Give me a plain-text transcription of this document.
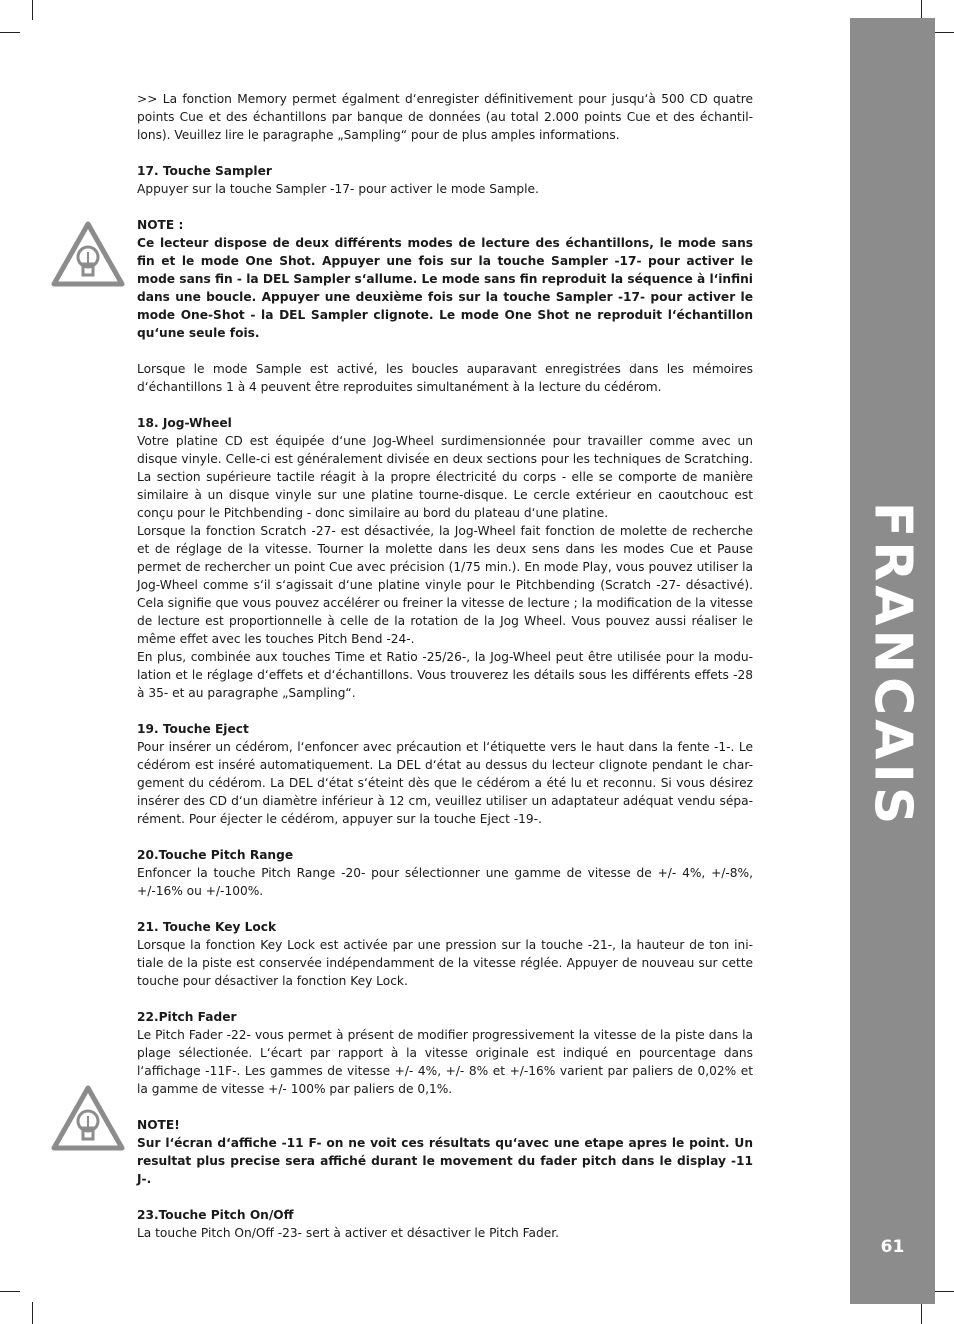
FRANCAIS
61

>> La fonction Memory permet égalment d‘enregister définitivement pour jusqu‘à 500 CD quatre points Cue et des échantillons par banque de données (au total 2.000 points Cue et des échantil-lons). Veuillez lire le paragraphe „Sampling“ pour de plus amples informations.

17. Touche Sampler

Appuyer sur la touche Sampler -17- pour activer le mode Sample.

NOTE :

Ce lecteur dispose de deux différents modes de lecture des échantillons, le mode sans fin et le mode One Shot. Appuyer une fois sur la touche Sampler -17- pour activer le mode sans fin - la DEL Sampler s‘allume. Le mode sans fin reproduit la séquence à l‘infini dans une boucle. Appuyer une deuxième fois sur la touche Sampler -17- pour activer le mode One-Shot - la DEL Sampler clignote. Le mode One Shot ne reproduit l‘échantillon qu‘une seule fois.

Lorsque le mode Sample est activé, les boucles auparavant enregistrées dans les mémoires d‘échantillons 1 à 4 peuvent être reproduites simultanément à la lecture du cédérom.

18. Jog-Wheel

Votre platine CD est équipée d‘une Jog-Wheel surdimensionnée pour travailler comme avec un disque vinyle. Celle-ci est généralement divisée en deux sections pour les techniques de Scratching. La section supérieure tactile réagit à la propre électricité du corps - elle se comporte de manière similaire à un disque vinyle sur une platine tourne-disque. Le cercle extérieur en caoutchouc est conçu pour le Pitchbending - donc similaire au bord du plateau d‘une platine.

Lorsque la fonction Scratch -27- est désactivée, la Jog-Wheel fait fonction de molette de recherche et de réglage de la vitesse. Tourner la molette dans les deux sens dans les modes Cue et Pause permet de rechercher un point Cue avec précision (1/75 min.). En mode Play, vous pouvez utiliser la Jog-Wheel comme s‘il s‘agissait d‘une platine vinyle pour le Pitchbending (Scratch -27- désactivé). Cela signifie que vous pouvez accélérer ou freiner la vitesse de lecture ; la modification de la vitesse de lecture est proportionnelle à celle de la rotation de la Jog Wheel. Vous pouvez aussi réaliser le même effet avec les touches Pitch Bend -24-.

En plus, combinée aux touches Time et Ratio -25/26-, la Jog-Wheel peut être utilisée pour la modu-lation et le réglage d‘effets et d‘échantillons. Vous trouverez les détails sous les différents effets -28 à 35- et au paragraphe „Sampling“.

19. Touche Eject

Pour insérer un cédérom, l‘enfoncer avec précaution et l‘étiquette vers le haut dans la fente -1-. Le cédérom est inséré automatiquement. La DEL d‘état au dessus du lecteur clignote pendant le char-gement du cédérom. La DEL d‘état s‘éteint dès que le cédérom a été lu et reconnu. Si vous désirez insérer des CD d‘un diamètre inférieur à 12 cm, veuillez utiliser un adaptateur adéquat vendu sépa-rément. Pour éjecter le cédérom, appuyer sur la touche Eject -19-.

20.Touche Pitch Range

Enfoncer la touche Pitch Range -20- pour sélectionner une gamme de vitesse de +/- 4%, +/-8%, +/-16% ou +/-100%.

21. Touche Key Lock

Lorsque la fonction Key Lock est activée par une pression sur la touche -21-, la hauteur de ton ini-tiale de la piste est conservée indépendamment de la vitesse réglée. Appuyer de nouveau sur cette touche pour désactiver la fonction Key Lock.

22.Pitch Fader

Le Pitch Fader -22- vous permet à présent de modifier progressivement la vitesse de la piste dans la plage sélectionée. L‘écart par rapport à la vitesse originale est indiqué en pourcentage dans l‘affichage -11F-. Les gammes de vitesse +/- 4%, +/- 8% et +/-16% varient par paliers de 0,02% et la gamme de vitesse +/- 100% par paliers de 0,1%.

NOTE!

Sur l‘écran d‘affiche -11 F- on ne voit ces résultats qu‘avec une etape apres le point. Un resultat plus precise sera affiché durant le movement du fader pitch dans le display -11 J-.

23.Touche Pitch On/Off

La touche Pitch On/Off -23- sert à activer et désactiver le Pitch Fader.
